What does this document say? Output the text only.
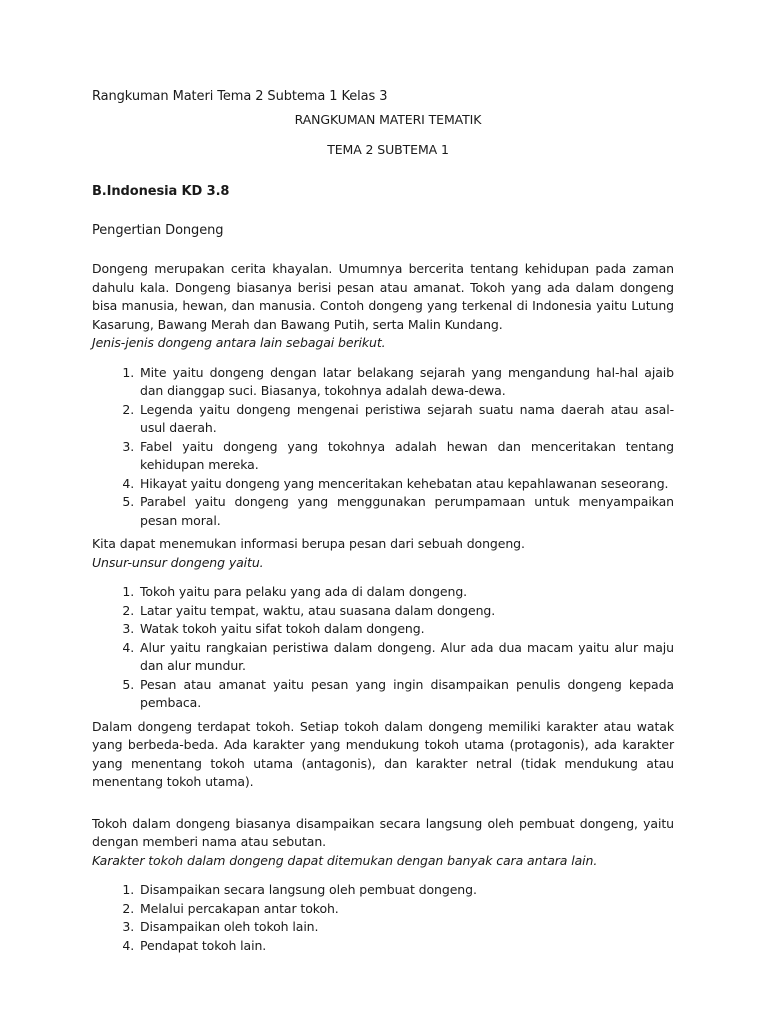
Rangkuman Materi Tema 2 Subtema 1 Kelas 3
RANGKUMAN MATERI TEMATIK
TEMA 2 SUBTEMA 1
B.Indonesia KD 3.8
Pengertian Dongeng

Dongeng merupakan cerita khayalan. Umumnya bercerita tentang kehidupan pada zaman dahulu kala. Dongeng biasanya berisi pesan atau amanat. Tokoh yang ada dalam dongeng bisa manusia, hewan, dan manusia. Contoh dongeng yang terkenal di Indonesia yaitu Lutung Kasarung, Bawang Merah dan Bawang Putih, serta Malin Kundang.

Jenis-jenis dongeng antara lain sebagai berikut.

1. Mite yaitu dongeng dengan latar belakang sejarah yang mengandung hal-hal ajaib dan dianggap suci. Biasanya, tokohnya adalah dewa-dewa.
2. Legenda yaitu dongeng mengenai peristiwa sejarah suatu nama daerah atau asal-usul daerah.
3. Fabel yaitu dongeng yang tokohnya adalah hewan dan menceritakan tentang kehidupan mereka.
4. Hikayat yaitu dongeng yang menceritakan kehebatan atau kepahlawanan seseorang.
5. Parabel yaitu dongeng yang menggunakan perumpamaan untuk menyampaikan pesan moral.

Kita dapat menemukan informasi berupa pesan dari sebuah dongeng.

Unsur-unsur dongeng yaitu.

1. Tokoh yaitu para pelaku yang ada di dalam dongeng.
2. Latar yaitu tempat, waktu, atau suasana dalam dongeng.
3. Watak tokoh yaitu sifat tokoh dalam dongeng.
4. Alur yaitu rangkaian peristiwa dalam dongeng. Alur ada dua macam yaitu alur maju dan alur mundur.
5. Pesan atau amanat yaitu pesan yang ingin disampaikan penulis dongeng kepada pembaca.

Dalam dongeng terdapat tokoh. Setiap tokoh dalam dongeng memiliki karakter atau watak yang berbeda-beda. Ada karakter yang mendukung tokoh utama (protagonis), ada karakter yang menentang tokoh utama (antagonis), dan karakter netral (tidak mendukung atau menentang tokoh utama).

Tokoh dalam dongeng biasanya disampaikan secara langsung oleh pembuat dongeng, yaitu dengan memberi nama atau sebutan.

Karakter tokoh dalam dongeng dapat ditemukan dengan banyak cara antara lain.

1. Disampaikan secara langsung oleh pembuat dongeng.
2. Melalui percakapan antar tokoh.
3. Disampaikan oleh tokoh lain.
4. Pendapat tokoh lain.
